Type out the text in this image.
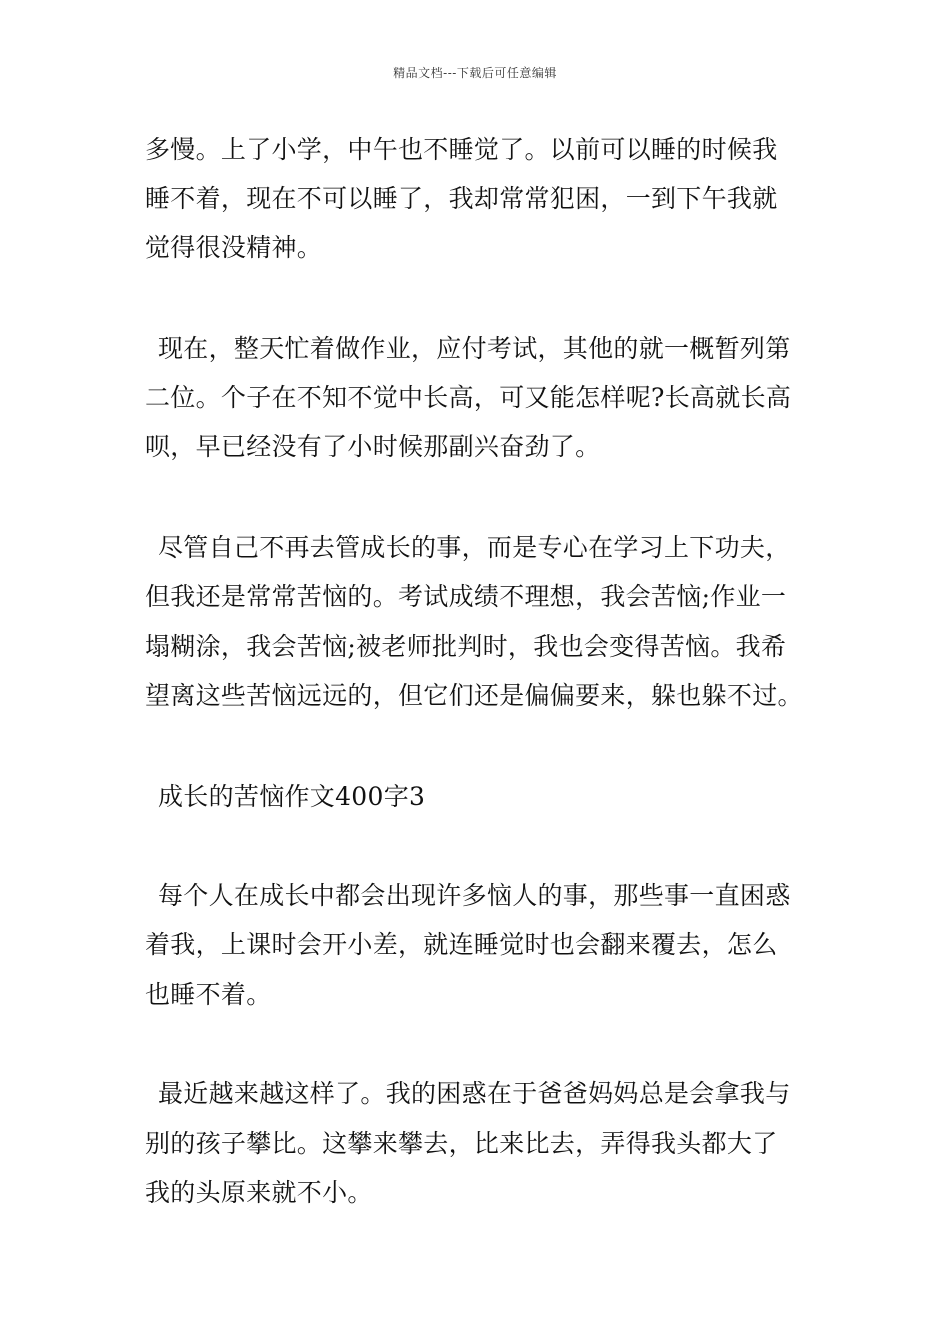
精品文档---下载后可任意编辑
多慢。上了小学，中午也不睡觉了。以前可以睡的时候我
睡不着，现在不可以睡了，我却常常犯困，一到下午我就
觉得很没精神。
现在，整天忙着做作业，应付考试，其他的就一概暂列第
二位。个子在不知不觉中长高，可又能怎样呢?长高就长高
呗，早已经没有了小时候那副兴奋劲了。
尽管自己不再去管成长的事，而是专心在学习上下功夫，
但我还是常常苦恼的。考试成绩不理想，我会苦恼;作业一
塌糊涂，我会苦恼;被老师批判时，我也会变得苦恼。我希
望离这些苦恼远远的，但它们还是偏偏要来，躲也躲不过。
成长的苦恼作文400字3
每个人在成长中都会出现许多恼人的事，那些事一直困惑
着我，上课时会开小差，就连睡觉时也会翻来覆去，怎么
也睡不着。
最近越来越这样了。我的困惑在于爸爸妈妈总是会拿我与
别的孩子攀比。这攀来攀去，比来比去，弄得我头都大了
我的头原来就不小。
